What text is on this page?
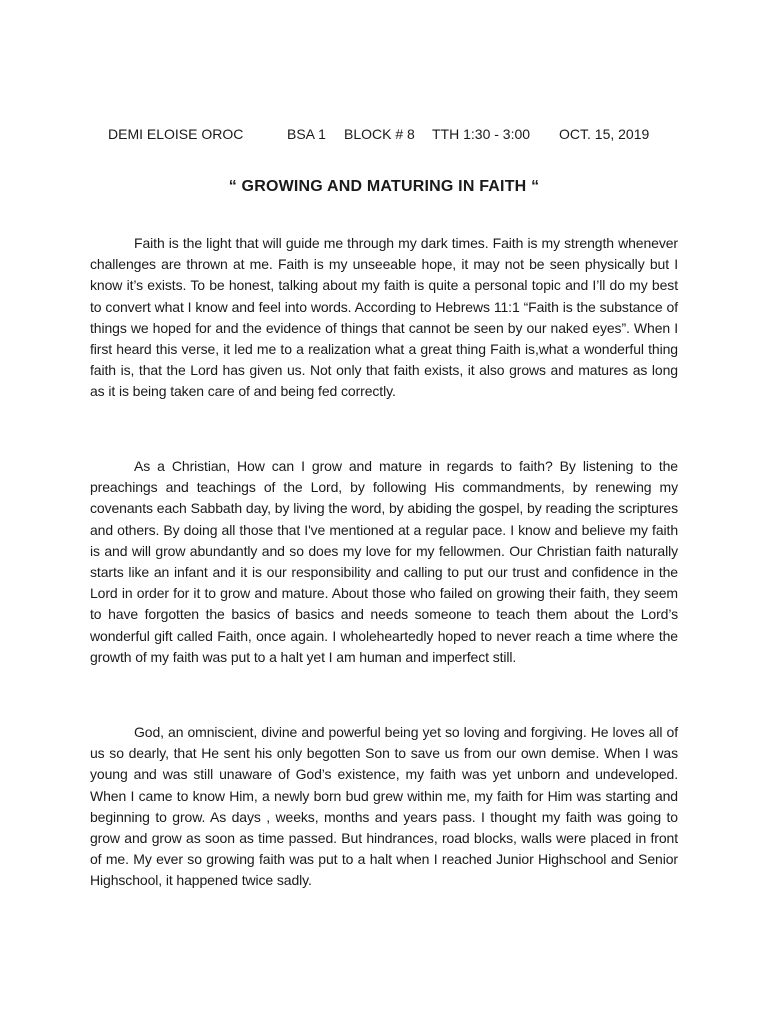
DEMI ELOISE OROC

	BSA 1

BLOCK # 8

TTH 1:30 - 3:00

OCT. 15, 2019

“ GROWING AND MATURING IN FAITH “

Faith is the light that will guide me through my dark times. Faith is my strength whenever challenges are thrown at me. Faith is my unseeable hope, it may not be seen physically but I know it’s exists. To be honest, talking about my faith is quite a personal topic and I’ll do my best to convert what I know and feel into words. According to Hebrews 11:1 “Faith is the substance of things we hoped for and the evidence of things that cannot be seen by our naked eyes”. When I first heard this verse, it led me to a realization what a great thing Faith is,what a wonderful thing faith is, that the Lord has given us. Not only that faith exists, it also grows and matures as long as it is being taken care of and being fed correctly.

As a Christian, How can I grow and mature in regards to faith? By listening to the preachings and teachings of the Lord, by following His commandments, by renewing my covenants each Sabbath day, by living the word, by abiding the gospel, by reading the scriptures and others. By doing all those that I've mentioned at a regular pace. I know and believe my faith is and will grow abundantly and so does my love for my fellowmen. Our Christian faith naturally starts like an infant and it is our responsibility and calling to put our trust and confidence in the Lord in order for it to grow and mature. About those who failed on growing their faith, they seem to have forgotten the basics of basics and needs someone to teach them about the Lord’s wonderful gift called Faith, once again. I wholeheartedly hoped to never reach a time where the growth of my faith was put to a halt yet I am human and imperfect still.

God, an omniscient, divine and powerful being yet so loving and forgiving. He loves all of us so dearly, that He sent his only begotten Son to save us from our own demise. When I was young and was still unaware of God’s existence, my faith was yet unborn and undeveloped. When I came to know Him, a newly born bud grew within me, my faith for Him was starting and beginning to grow. As days , weeks, months and years pass. I thought my faith was going to grow and grow as soon as time passed. But hindrances, road blocks, walls were placed in front of me. My ever so growing faith was put to a halt when I reached Junior Highschool and Senior Highschool, it happened twice sadly.
